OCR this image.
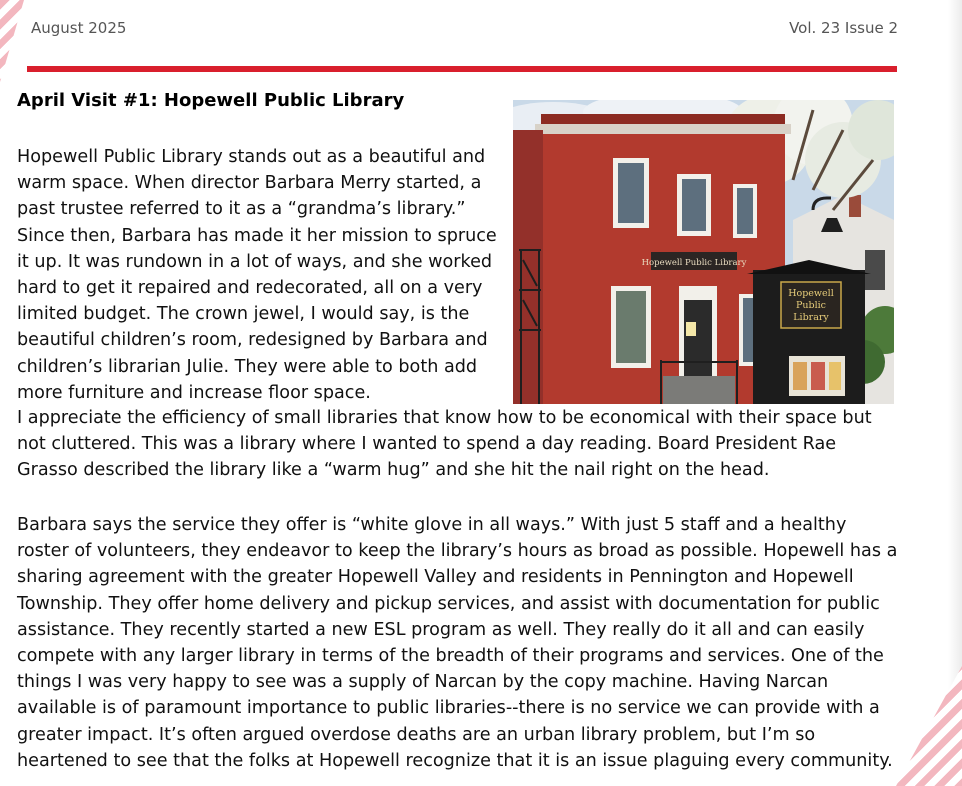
August 2025	Vol. 23 Issue 2
Hopewell Public Library
Hopewell
Public
Library
April Visit #1: Hopewell Public Library

Hopewell Public Library stands out as a beautiful and warm space. When director Barbara Merry started, a past trustee referred to it as a “grandma’s library.” Since then, Barbara has made it her mission to spruce it up. It was rundown in a lot of ways, and she worked hard to get it repaired and redecorated, all on a very limited budget. The crown jewel, I would say, is the beautiful children’s room, redesigned by Barbara and children’s librarian Julie. They were able to both add more furniture and increase floor space.

I appreciate the efficiency of small libraries that know how to be economical with their space but not cluttered. This was a library where I wanted to spend a day reading. Board President Rae Grasso described the library like a “warm hug” and she hit the nail right on the head.

Barbara says the service they offer is “white glove in all ways.” With just 5 staff and a healthy roster of volunteers, they endeavor to keep the library’s hours as broad as possible. Hopewell has a sharing agreement with the greater Hopewell Valley and residents in Pennington and Hopewell Township. They offer home delivery and pickup services, and assist with documentation for public assistance. They recently started a new ESL program as well. They really do it all and can easily compete with any larger library in terms of the breadth of their programs and services. One of the things I was very happy to see was a supply of Narcan by the copy machine. Having Narcan available is of paramount importance to public libraries--there is no service we can provide with a greater impact. It’s often argued overdose deaths are an urban library problem, but I’m so heartened to see that the folks at Hopewell recognize that it is an issue plaguing every community.
